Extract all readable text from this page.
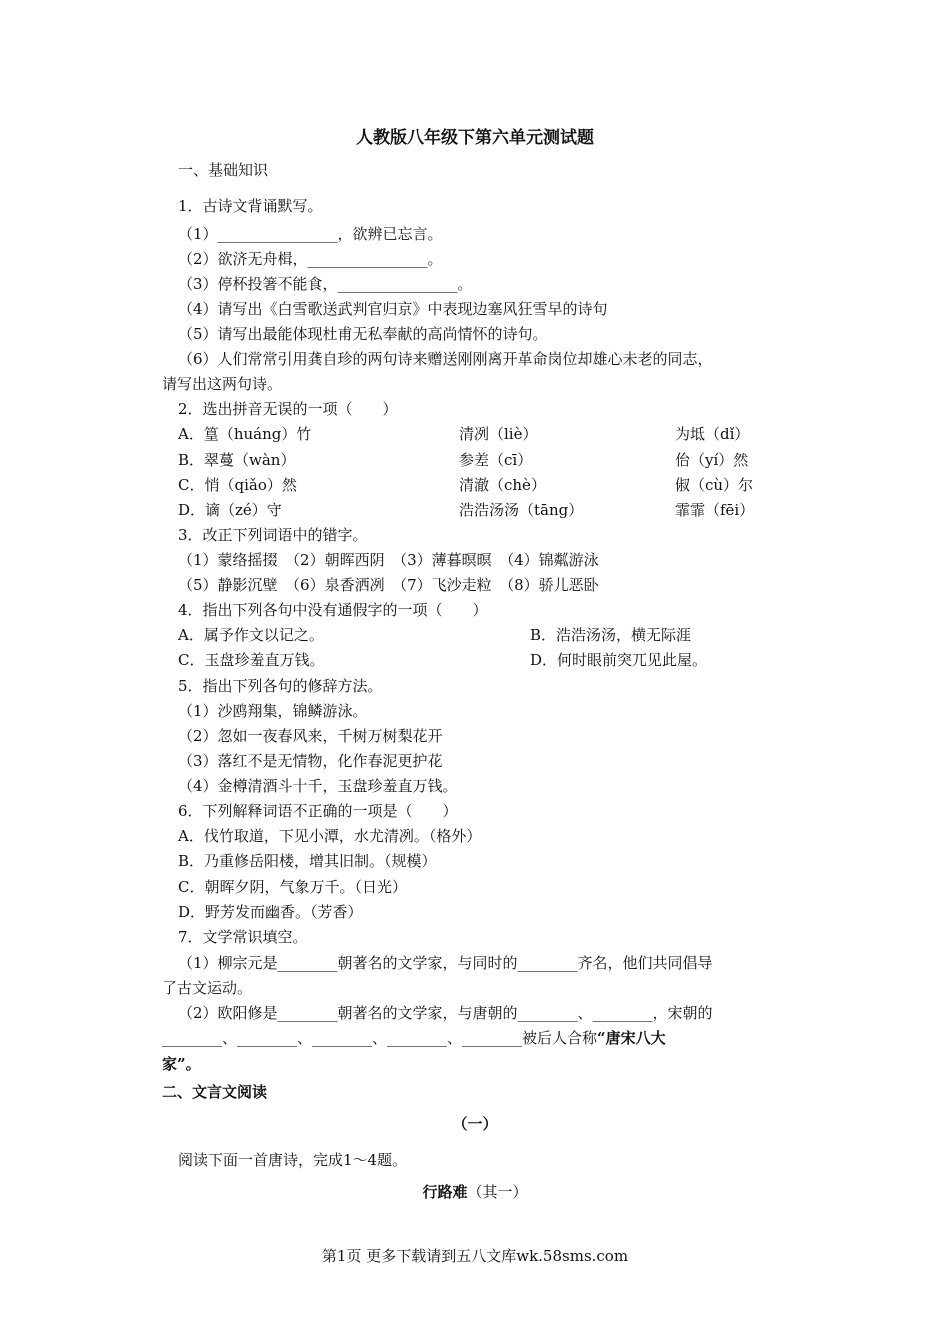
人教版八年级下第六单元测试题
一、基础知识
1．古诗文背诵默写。
（1）________________，欲辨已忘言。
（2）欲济无舟楫，________________。
（3）停杯投箸不能食，________________。
（4）请写出《白雪歌送武判官归京》中表现边塞风狂雪早的诗句
（5）请写出最能体现杜甫无私奉献的高尚情怀的诗句。
（6）人们常常引用龚自珍的两句诗来赠送刚刚离开革命岗位却雄心未老的同志，
请写出这两句诗。
2．选出拼音无误的一项（　　）
A．篁（huáng）竹	清冽（liè）	为坻（dǐ）
B．翠蔓（wàn）	参差（cī）	佁（yí）然
C．悄（qiǎo）然	清澈（chè）	俶（cù）尔
D．谪（zé）守	浩浩汤汤（tāng）	霏霏（fēi）
3．改正下列词语中的错字。
（1）蒙络摇掇　（2）朝晖西阴　（3）薄暮暝暝　（4）锦粼游泳
（5）静影沉壁　（6）泉香洒冽　（7）飞沙走粒　（8）骄儿恶卧
4．指出下列各句中没有通假字的一项（　　）
A．属予作文以记之。	B．浩浩汤汤，横无际涯
C．玉盘珍羞直万钱。	D．何时眼前突兀见此屋。
5．指出下列各句的修辞方法。
（1）沙鸥翔集，锦鳞游泳。
（2）忽如一夜春风来，千树万树梨花开
（3）落红不是无情物，化作春泥更护花
（4）金樽清酒斗十千，玉盘珍羞直万钱。
6．下列解释词语不正确的一项是（　　）
A．伐竹取道，下见小潭，水尤清冽。（格外）
B．乃重修岳阳楼，增其旧制。（规模）
C．朝晖夕阴，气象万千。（日光）
D．野芳发而幽香。（芳香）
7．文学常识填空。
（1）柳宗元是________朝著名的文学家，与同时的________齐名，他们共同倡导
了古文运动。
（2）欧阳修是________朝著名的文学家，与唐朝的________、________，宋朝的
________、________、________、________、________被后人合称“唐宋八大
家”。
二、文言文阅读
（一）
阅读下面一首唐诗，完成1～4题。
行路难（其一）
第1页 更多下载请到五八文库wk.58sms.com
